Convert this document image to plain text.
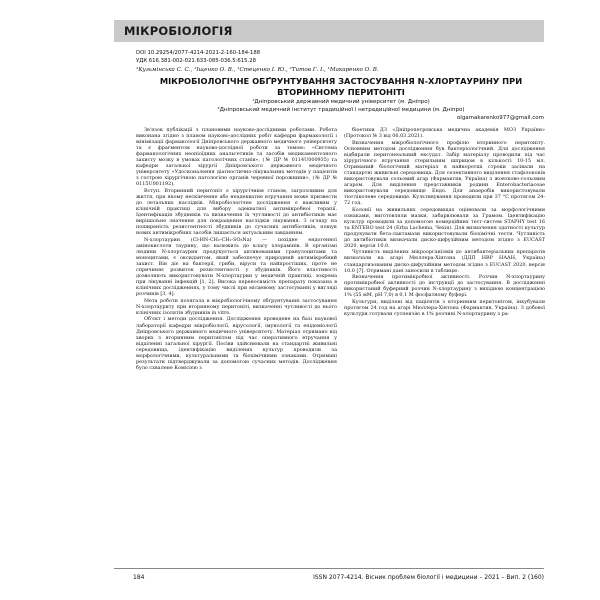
МІКРОБІОЛОГІЯ
DOI 10.29254/2077-4214-2021-2-160-184-188
УДК 616.381-002-021.633-085-036.5:615.28
¹Кузьмінська С. С., ¹Іщенко О. В., ¹Стеценко І. Ю., ²Титов Г. І., ¹Макаренко О. В.
МІКРОБІОЛОГІЧНЕ ОБҐРУНТУВАННЯ ЗАСТОСУВАННЯ N-ХЛОРТАУРИНУ ПРИ ВТОРИННОМУ ПЕРИТОНІТІ
¹Дніпровський державний медичний університет (м. Дніпро)
²Дніпровський медичний інститут традиційної і нетрадиційної медицини (м. Дніпро)
olgamakarenko977@gmail.com

Зв'язок публікації з плановими науково-дослідними роботами. Робота виконана згідно з планом науково-дослідних робіт кафедри фармакології і мінімізації фармакології Дніпровського державного медичного університету та є фрагментом науково-дослідної роботи за темою: «Система фармакологічних неопіоїдних анальгетиків та засобів медикаментозного захисту мозку в умовах патологічних станів», (№ ДР № 0114U000935) та кафедри загальної хірургії Дніпровського державного медичного університету «Удосконалення діагностично-лікувальних методів у пацієнтів з гострою хірургічною патологією органів черевної порожнини», (№ ДР № 0115U001192).

Вступ. Вторинний перитоніт є хірургічним станом, загрозливим для життя, при якому нескінченне або неадекватне втручання може призвести до летальних наслідків. Мікробіологічне дослідження є важливим у клінічній практиці для вибору адекватної антимікробної терапії. Ідентифікація збудників та визначення їх чутливості до антибіотиків має вирішальне значення для покращення наслідків лікування. З огляду на поширеність резистентності збудників до сучасних антибіотиків, пошук нових антимікробних засобів лишається актуальним завданням.

N-хлортаурин (Cl-HN-CH₂-CH₂-SO₃Na) — похідне ендогенної амінокислоти таурину, що належить до класу хлорамінів. В організмі людини N-хлортаурин продукується активованими гранулоцитами та моноцитами, є оксидантом, який забезпечує природний антимікробний захист. Він діє на бактерії, гриби, віруси та найпростіших, проте не спричиняє розвиток резистентності у збудників. Його властивості дозволяють використовувати N-хлортаурин у медичній практиці, зокрема при лікуванні інфекцій [1, 2]. Висока переносимість препарату показана в клінічних дослідженнях, у тому числі при місцевому застосуванні у вигляді розчинів [3, 4].

Мета роботи полягала в мікробіологічному обґрунтуванні застосування N-хлортауриту при вторинному перитоніті, визначенні чутливості до нього клінічних ізолятів збудників in vitro.

Об'єкт і методи дослідження. Дослідження проведене на базі наукової лабораторії кафедри мікробіології, вірусології, імунології та епідеміології Дніпровського державного медичного університету. Матеріал отримано від хворих з вторинним перитонітом під час оперативного втручання у відділенні загальної хірургії. Посіви здійснювали на стандартні живильні середовища, ідентифікацію виділених культур проводили за морфологічними, культуральними та біохімічними ознаками. Отримані результати підтверджували за допомогою сучасних методів. Дослідження було схвалене Комісією з

біоетики ДЗ «Дніпропетровська медична академія МОЗ України» (Протокол № 3 від 06.03.2021).

Визначення мікробіологічного профілю вторинного перитоніту. Основним методом дослідження був бактеріологічний. Для дослідження відбирали перитонеальний ексудат. Забір матеріалу проводили під час хірургічного втручання стерильним шприцом в кількості 10-15 мл. Отриманий біологічний матеріал в найкоротші строки засівали на стандартні живильні середовища. Для селективного виділення стафілококів використовували сольовий агар (Фармактив, Україна) з жовтково-сольовим агаром. Для виділення представників родини Enterobacteriaceae використовували середовище Ендо. Для анаеробів використовували тіогліколеве середовище. Культивування проводили при 37 °С протягом 24-72 год.

Колонії на живильних середовищах оцінювали за морфологічними ознаками, виготовляли мазки, забарвлювали за Грамом. Ідентифікацію культур проводили за допомогою комерційних тест-систем STAPHY test 16 та ENTERO test 24 (Erba Lachema, Чехія). Для визначення здатності культур продукувати бета-лактамази використовували біохімічні тести. Чутливість до антибіотиків визначали диско-дифузійним методом згідно з EUCAST 2020, версія 10.0.

Чутливість виділених мікроорганізмів до антибактеріальних препаратів визначали на агарі Мюллера-Хінтона (ДДП НВР НААН, Україна) стандартизованим диско-дифузійним методом згідно з EUCAST 2020, версія 10.0 [7]. Отримані дані заносили в таблицю.

Визначення протимікробної активності. Розчин N-хлортаурину протимікробної активності до інструкції до застосування. В дослідженні використаний буферний розчин N-хлортаурину з вихідною концентрацією 1% (55 мМ, pH 7,0) в 0,1 М фосфатному буфері.

Культури, виділені від пацієнтів з вторинним перитонітом, інкубували протягом 24 год на агарі Мюллера-Хінтона (Фармактив, Україна). З добової культури готували суспензію в 1% розчині N-хлортаурину з ра-

184	ISSN 2077-4214. Вісник проблем біології і медицини – 2021 – Вип. 2 (160)
